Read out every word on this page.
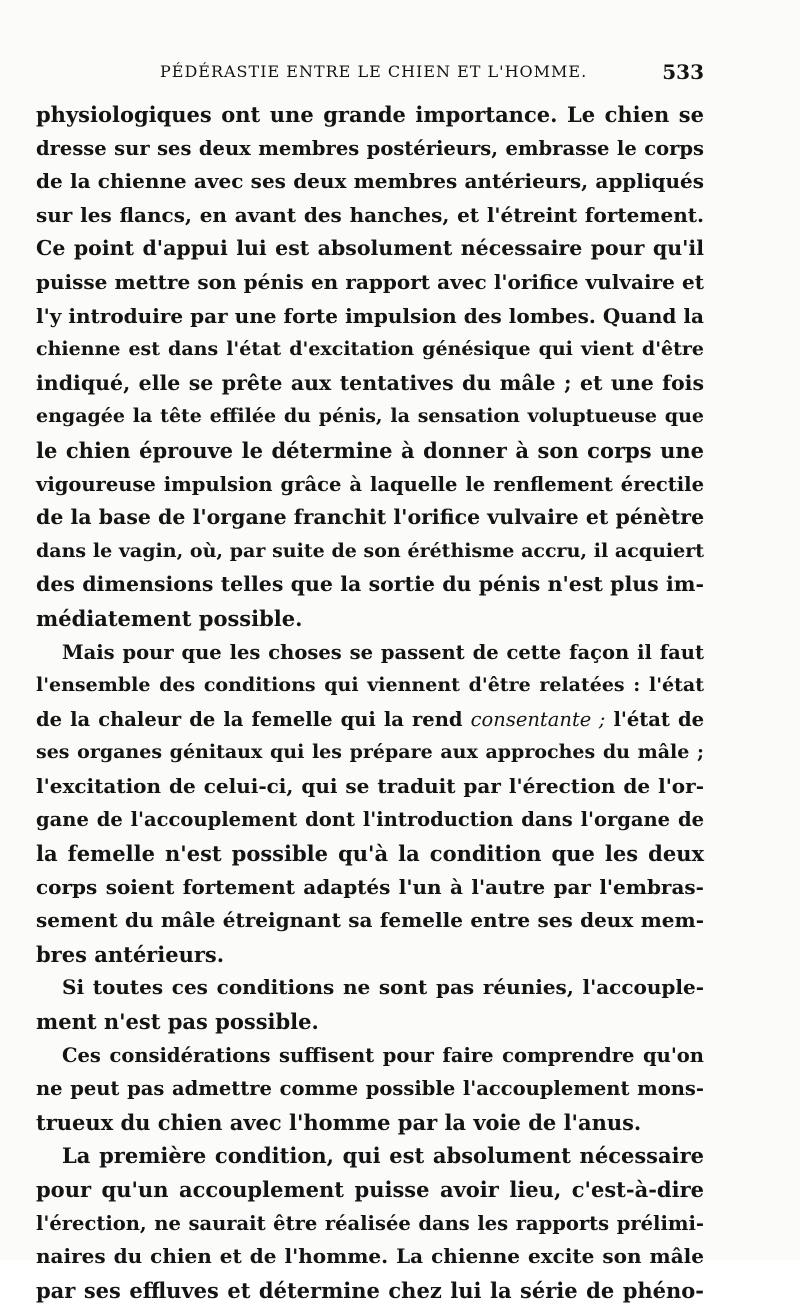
PÉDÉRASTIE ENTRE LE CHIEN ET L'HOMME.	533
physiologiques ont une grande importance. Le chien se
dresse sur ses deux membres postérieurs, embrasse le corps
de la chienne avec ses deux membres antérieurs, appliqués
sur les flancs, en avant des hanches, et l'étreint fortement.
Ce point d'appui lui est absolument nécessaire pour qu'il
puisse mettre son pénis en rapport avec l'orifice vulvaire et
l'y introduire par une forte impulsion des lombes. Quand la
chienne est dans l'état d'excitation génésique qui vient d'être
indiqué, elle se prête aux tentatives du mâle ; et une fois
engagée la tête effilée du pénis, la sensation voluptueuse que
le chien éprouve le détermine à donner à son corps une
vigoureuse impulsion grâce à laquelle le renflement érectile
de la base de l'organe franchit l'orifice vulvaire et pénètre
dans le vagin, où, par suite de son éréthisme accru, il acquiert
des dimensions telles que la sortie du pénis n'est plus im-
médiatement possible.
Mais pour que les choses se passent de cette façon il faut
l'ensemble des conditions qui viennent d'être relatées : l'état
de la chaleur de la femelle qui la rend consentante ; l'état de
ses organes génitaux qui les prépare aux approches du mâle ;
l'excitation de celui-ci, qui se traduit par l'érection de l'or-
gane de l'accouplement dont l'introduction dans l'organe de
la femelle n'est possible qu'à la condition que les deux
corps soient fortement adaptés l'un à l'autre par l'embras-
sement du mâle étreignant sa femelle entre ses deux mem-
bres antérieurs.
Si toutes ces conditions ne sont pas réunies, l'accouple-
ment n'est pas possible.
Ces considérations suffisent pour faire comprendre qu'on
ne peut pas admettre comme possible l'accouplement mons-
trueux du chien avec l'homme par la voie de l'anus.
La première condition, qui est absolument nécessaire
pour qu'un accouplement puisse avoir lieu, c'est-à-dire
l'érection, ne saurait être réalisée dans les rapports prélimi-
naires du chien et de l'homme. La chienne excite son mâle
par ses effluves et détermine chez lui la série de phéno-
